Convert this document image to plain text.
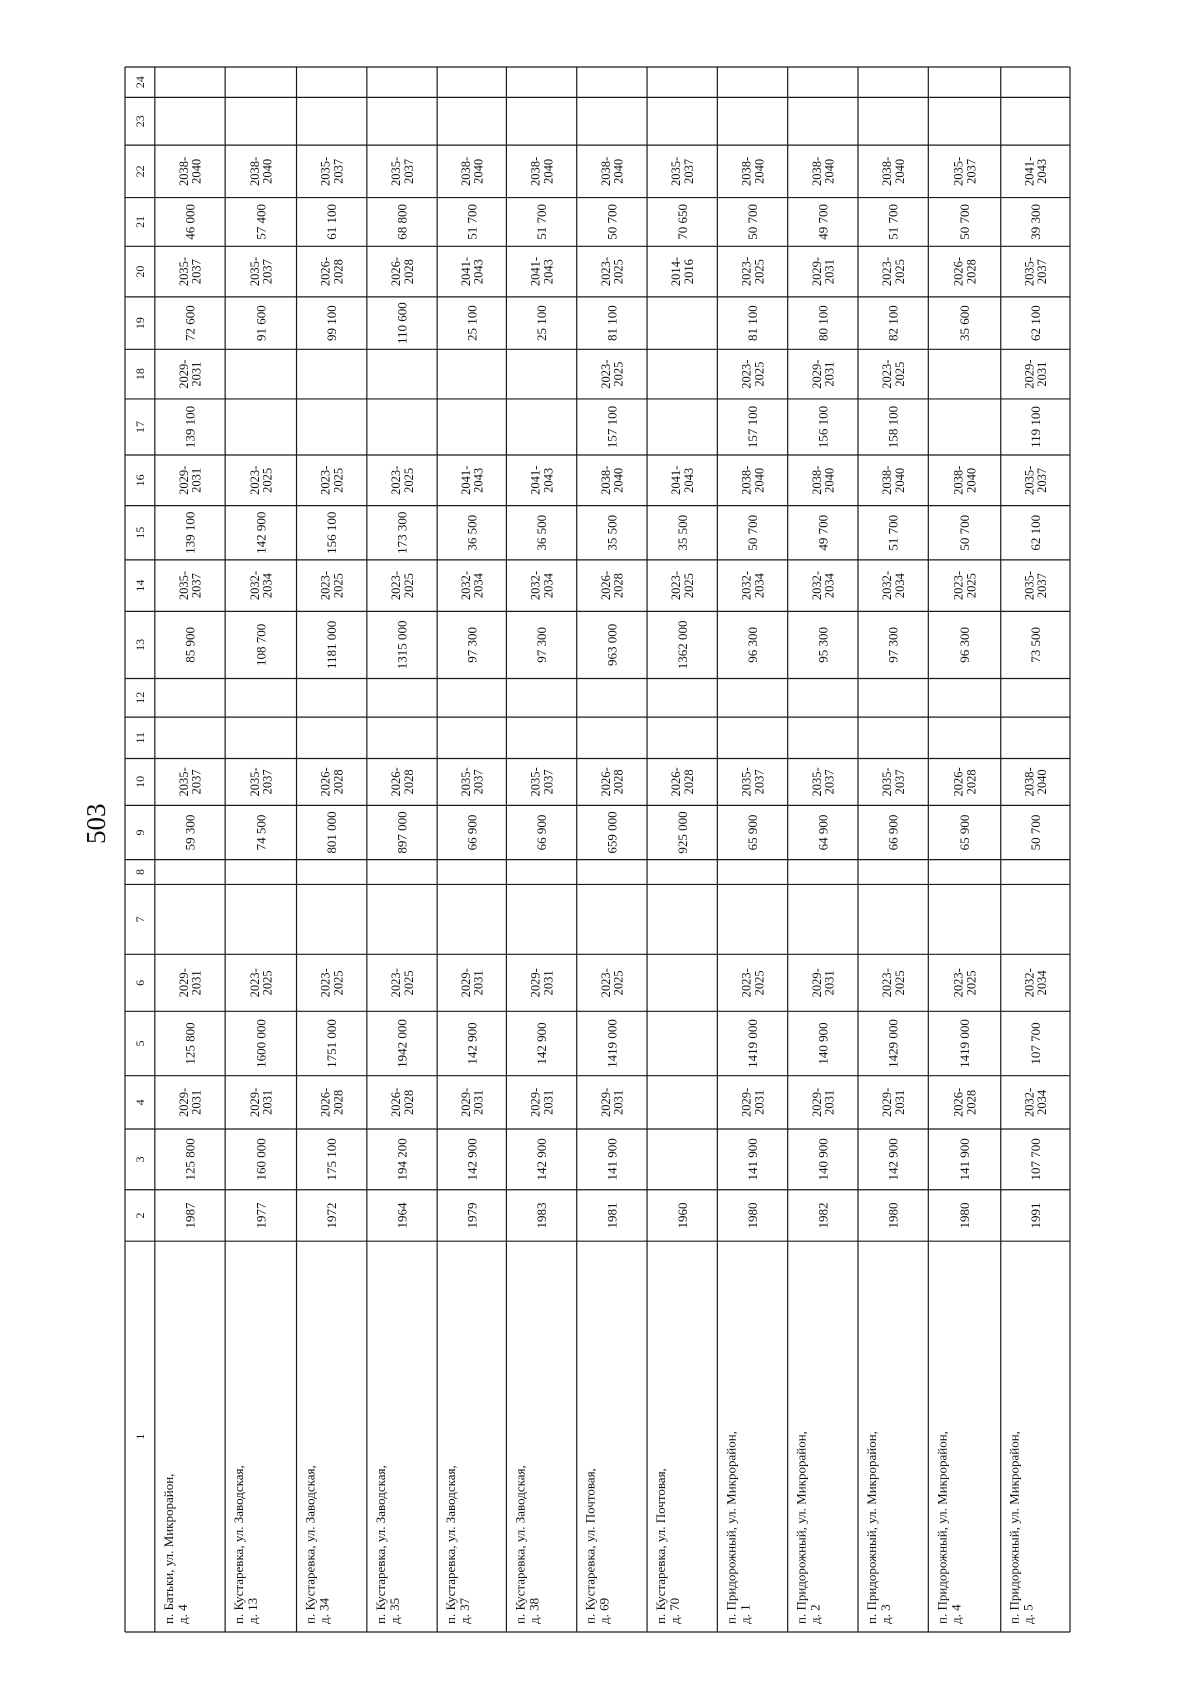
503
1
2
3
4
5
6
7
8
9
10
11
12
13
14
15
16
17
18
19
20
21
22
23
24
п. Батьки, ул. Микрорайон, д. 4
1987
125 800
2029-
2031
125 800
2029-
2031
59 300
2035-
2037
85 900
2035-
2037
139 100
2029-
2031
139 100
2029-
2031
72 600
2035-
2037
46 000
2038-
2040
п. Кустаревка, ул. Заводская, д. 13
1977
160 000
2029-
2031
1600 000
2023-
2025
74 500
2035-
2037
108 700
2032-
2034
142 900
2023-
2025
91 600
2035-
2037
57 400
2038-
2040
п. Кустаревка, ул. Заводская, д. 34
1972
175 100
2026-
2028
1751 000
2023-
2025
801 000
2026-
2028
1181 000
2023-
2025
156 100
2023-
2025
99 100
2026-
2028
61 100
2035-
2037
п. Кустаревка, ул. Заводская, д. 35
1964
194 200
2026-
2028
1942 000
2023-
2025
897 000
2026-
2028
1315 000
2023-
2025
173 300
2023-
2025
110 600
2026-
2028
68 800
2035-
2037
п. Кустаревка, ул. Заводская, д. 37
1979
142 900
2029-
2031
142 900
2029-
2031
66 900
2035-
2037
97 300
2032-
2034
36 500
2041-
2043
25 100
2041-
2043
51 700
2038-
2040
п. Кустаревка, ул. Заводская, д. 38
1983
142 900
2029-
2031
142 900
2029-
2031
66 900
2035-
2037
97 300
2032-
2034
36 500
2041-
2043
25 100
2041-
2043
51 700
2038-
2040
п. Кустаревка, ул. Почтовая, д. 69
1981
141 900
2029-
2031
1419 000
2023-
2025
659 000
2026-
2028
963 000
2026-
2028
35 500
2038-
2040
157 100
2023-
2025
81 100
2023-
2025
50 700
2038-
2040
п. Кустаревка, ул. Почтовая, д. 70
1960
925 000
2026-
2028
1362 000
2023-
2025
35 500
2041-
2043
2014-
2016
70 650
2035-
2037
п. Придорожный, ул. Микрорайон, д. 1
1980
141 900
2029-
2031
1419 000
2023-
2025
65 900
2035-
2037
96 300
2032-
2034
50 700
2038-
2040
157 100
2023-
2025
81 100
2023-
2025
50 700
2038-
2040
п. Придорожный, ул. Микрорайон, д. 2
1982
140 900
2029-
2031
140 900
2029-
2031
64 900
2035-
2037
95 300
2032-
2034
49 700
2038-
2040
156 100
2029-
2031
80 100
2029-
2031
49 700
2038-
2040
п. Придорожный, ул. Микрорайон, д. 3
1980
142 900
2029-
2031
1429 000
2023-
2025
66 900
2035-
2037
97 300
2032-
2034
51 700
2038-
2040
158 100
2023-
2025
82 100
2023-
2025
51 700
2038-
2040
п. Придорожный, ул. Микрорайон, д. 4
1980
141 900
2026-
2028
1419 000
2023-
2025
65 900
2026-
2028
96 300
2023-
2025
50 700
2038-
2040
35 600
2026-
2028
50 700
2035-
2037
п. Придорожный, ул. Микрорайон, д. 5
1991
107 700
2032-
2034
107 700
2032-
2034
50 700
2038-
2040
73 500
2035-
2037
62 100
2035-
2037
119 100
2029-
2031
62 100
2035-
2037
39 300
2041-
2043
